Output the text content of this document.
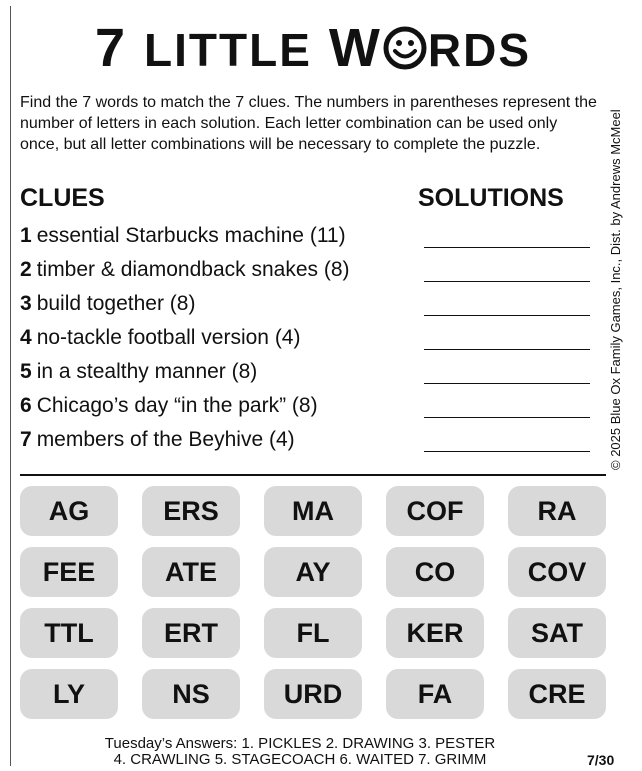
7 LITTLE W RDS
Find the 7 words to match the 7 clues. The numbers in parentheses represent the number of letters in each solution. Each letter combination can be used only once, but all letter combinations will be necessary to complete the puzzle.
CLUES	SOLUTIONS
1 essential Starbucks machine (11)
2 timber & diamondback snakes (8)
3 build together (8)
4 no-tackle football version (4)
5 in a stealthy manner (8)
6 Chicago’s day “in the park” (8)
7 members of the Beyhive (4)
AG	ERS	MA	COF	RA
FEE	ATE	AY	CO	COV
TTL	ERT	FL	KER	SAT
LY	NS	URD	FA	CRE
© 2025 Blue Ox Family Games, Inc., Dist. by Andrews McMeel
Tuesday’s Answers: 1. PICKLES 2. DRAWING 3. PESTER
4. CRAWLING 5. STAGECOACH 6. WAITED 7. GRIMM	7/30
